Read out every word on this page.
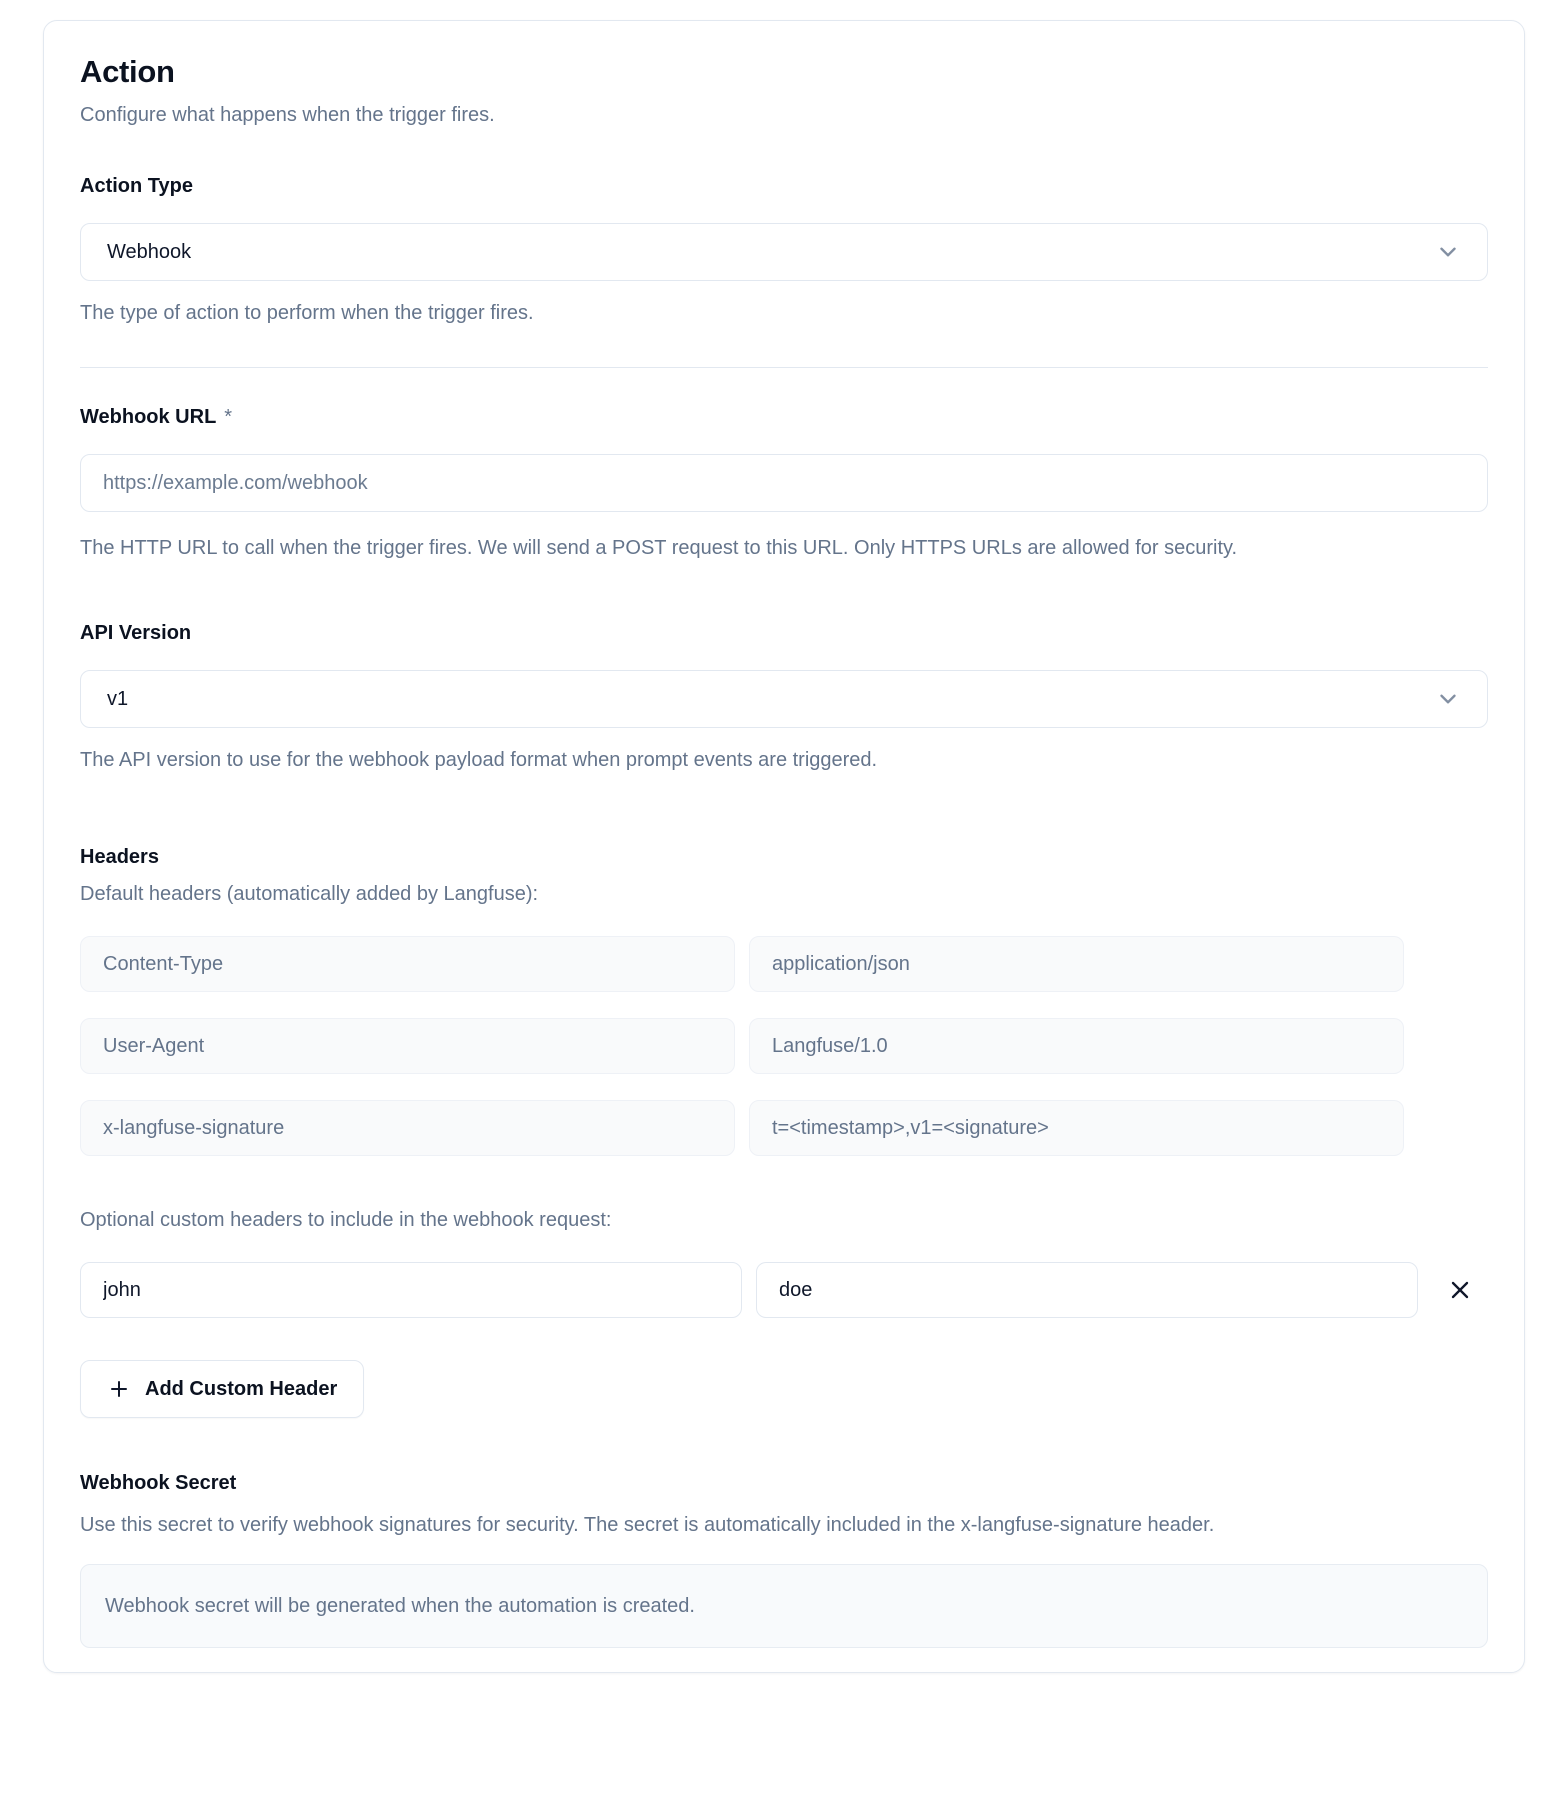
Action

Configure what happens when the trigger fires.

Action Type
Webhook

The type of action to perform when the trigger fires.

Webhook URL *
https://example.com/webhook

The HTTP URL to call when the trigger fires. We will send a POST request to this URL. Only HTTPS URLs are allowed for security.

API Version
v1

The API version to use for the webhook payload format when prompt events are triggered.

Headers

Default headers (automatically added by Langfuse):

Content-Type
application/json
User-Agent
Langfuse/1.0
x-langfuse-signature
t=<timestamp>,v1=<signature>

Optional custom headers to include in the webhook request:

john
doe
Add Custom Header
Webhook Secret

Use this secret to verify webhook signatures for security. The secret is automatically included in the x-langfuse-signature header.

Webhook secret will be generated when the automation is created.
